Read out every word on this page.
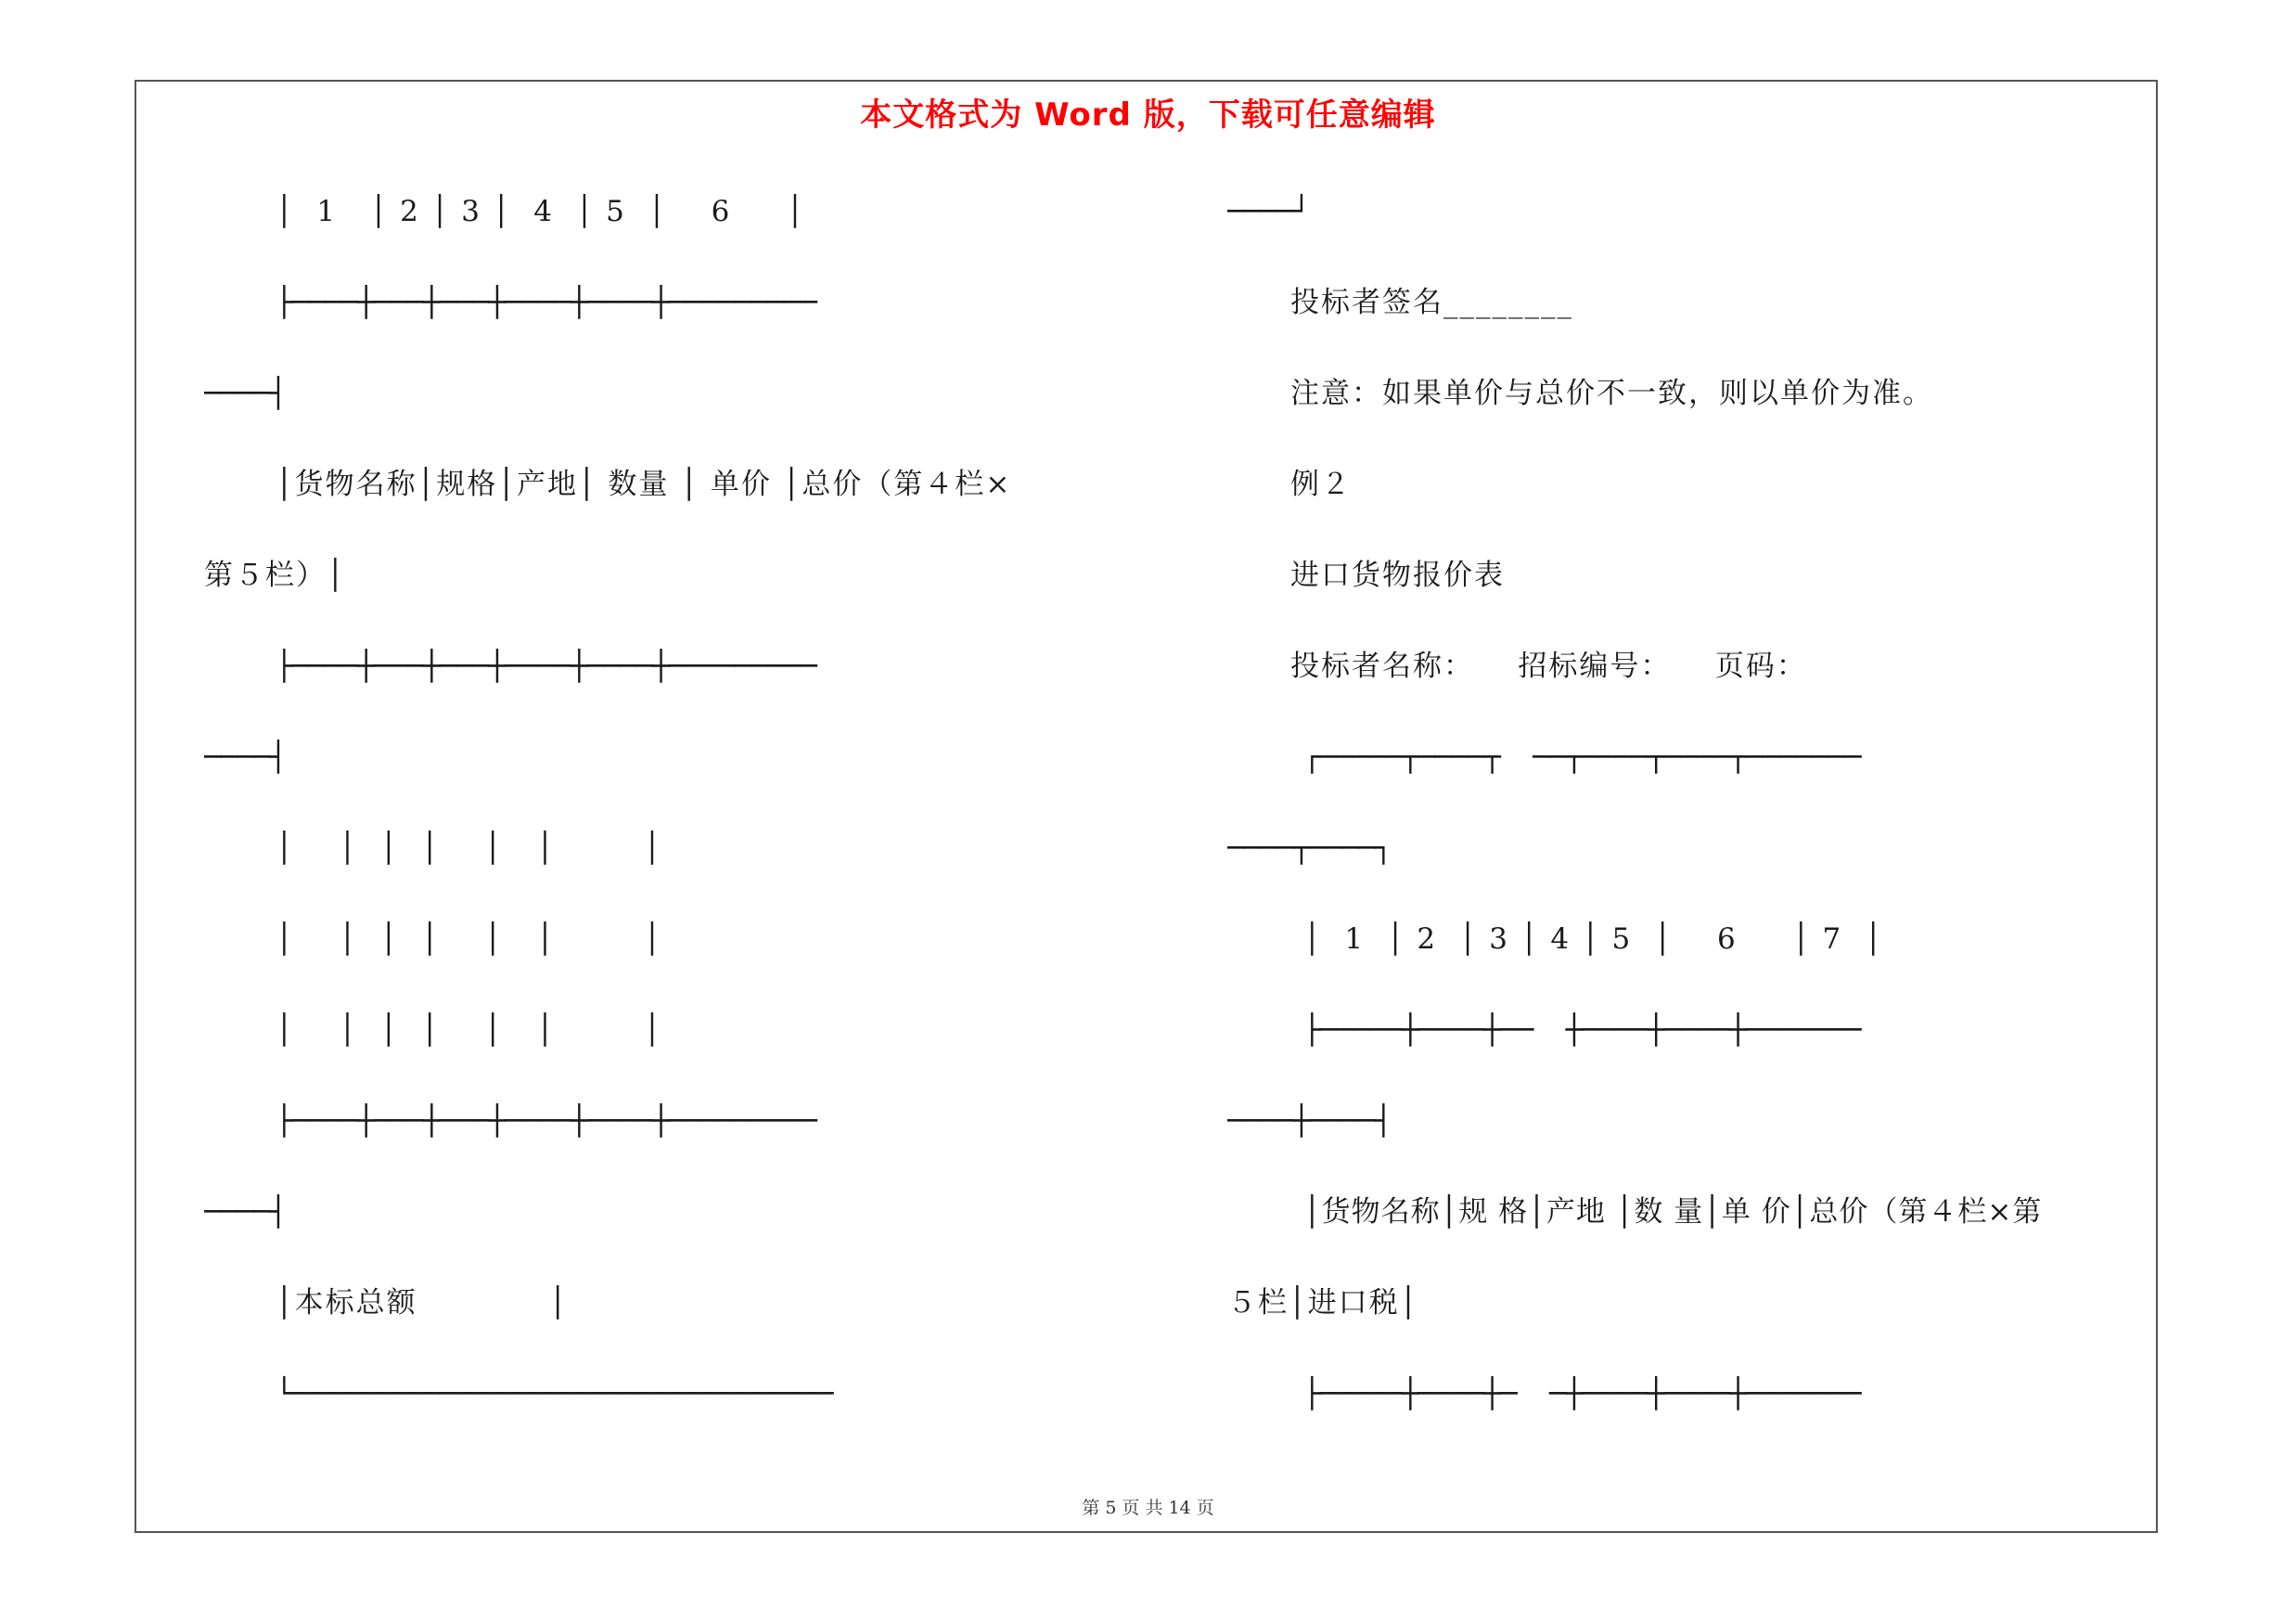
本文格式为 Word 版，下载可任意编辑
│  1   │ 2 │ 3 │  4  │ 5  │    6     │
├────┼───┼───┼────┼────┼─────────
────┤
│货物名称│规格│产地│ 数量 │ 单价 │总价（第４栏×
第５栏）│
├────┼───┼───┼────┼────┼─────────
────┤
│    │  │  │    │   │        │
│    │  │  │    │   │        │
│    │  │  │    │   │        │
├────┼───┼───┼────┼────┼─────────
────┤
│本标总额            │
└─────────────────────────────────
────┘
投标者签名________
注意：如果单价与总价不一致，则以单价为准。
例２
进口货物报价表
投标者名称：    招标编号：    页码：
┌─────┬────┬  ──┬────┬────┬───────
────┬────┐
│  1  │ 2  │ 3 │ 4 │ 5  │    6     │ 7  │
├─────┼────┼──  ┼────┼────┼───────
────┼────┤
│货物名称│规 格│产地 │数 量│单 价│总价（第４栏×第
５栏│进口税│
├─────┼────┼─  ─┼────┼────┼───────
第 5 页 共 14 页
